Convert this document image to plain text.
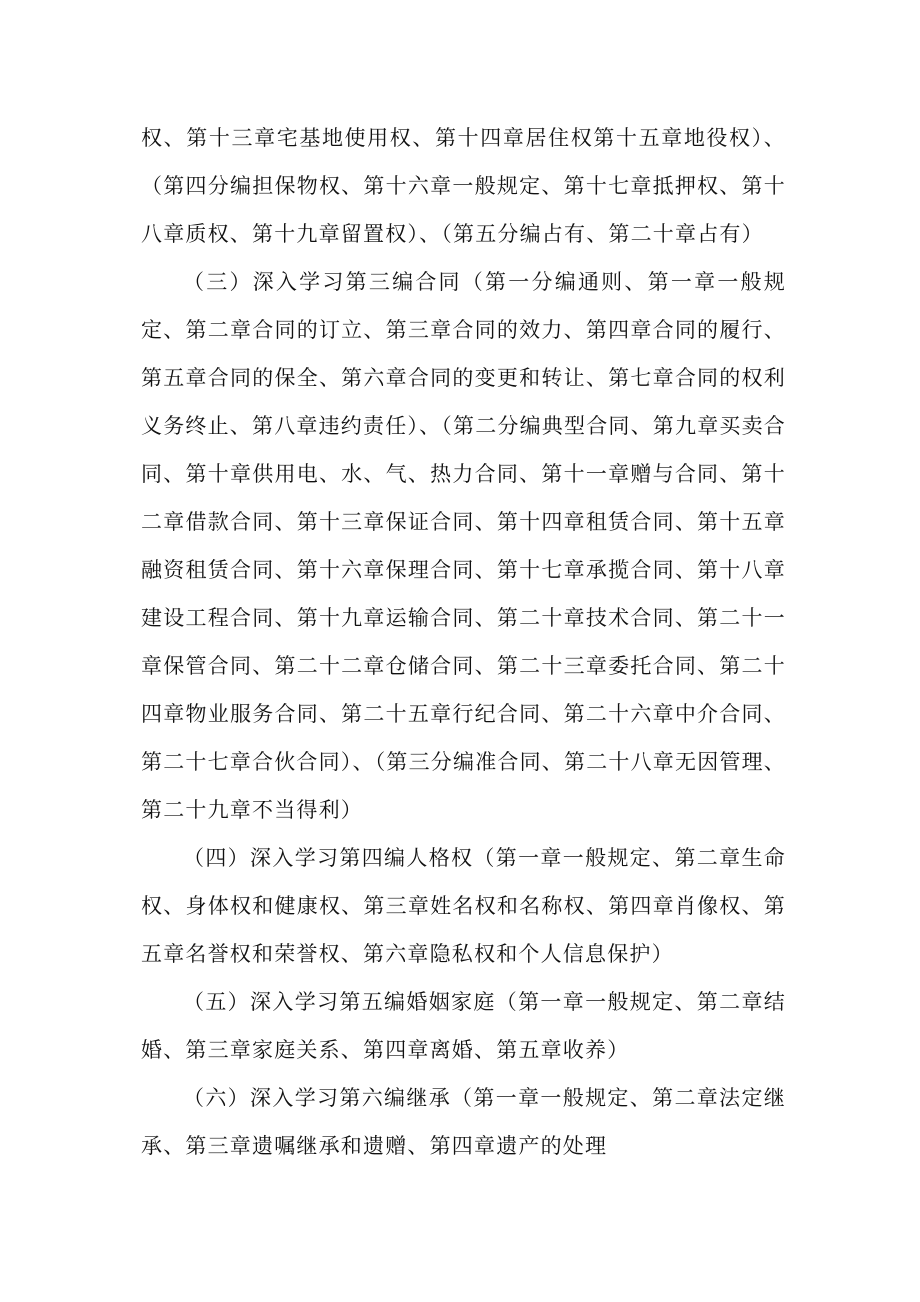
权、第十三章宅基地使用权、第十四章居住权第十五章地役权）、（第四分编担保物权、第十六章一般规定、第十七章抵押权、第十八章质权、第十九章留置权）、（第五分编占有、第二十章占有）

（三）深入学习第三编合同（第一分编通则、第一章一般规定、第二章合同的订立、第三章合同的效力、第四章合同的履行、第五章合同的保全、第六章合同的变更和转让、第七章合同的权利义务终止、第八章违约责任）、（第二分编典型合同、第九章买卖合同、第十章供用电、水、气、热力合同、第十一章赠与合同、第十二章借款合同、第十三章保证合同、第十四章租赁合同、第十五章融资租赁合同、第十六章保理合同、第十七章承揽合同、第十八章建设工程合同、第十九章运输合同、第二十章技术合同、第二十一章保管合同、第二十二章仓储合同、第二十三章委托合同、第二十四章物业服务合同、第二十五章行纪合同、第二十六章中介合同、第二十七章合伙合同）、（第三分编准合同、第二十八章无因管理、第二十九章不当得利）

（四）深入学习第四编人格权（第一章一般规定、第二章生命权、身体权和健康权、第三章姓名权和名称权、第四章肖像权、第五章名誉权和荣誉权、第六章隐私权和个人信息保护）

（五）深入学习第五编婚姻家庭（第一章一般规定、第二章结婚、第三章家庭关系、第四章离婚、第五章收养）

（六）深入学习第六编继承（第一章一般规定、第二章法定继承、第三章遗嘱继承和遗赠、第四章遗产的处理
